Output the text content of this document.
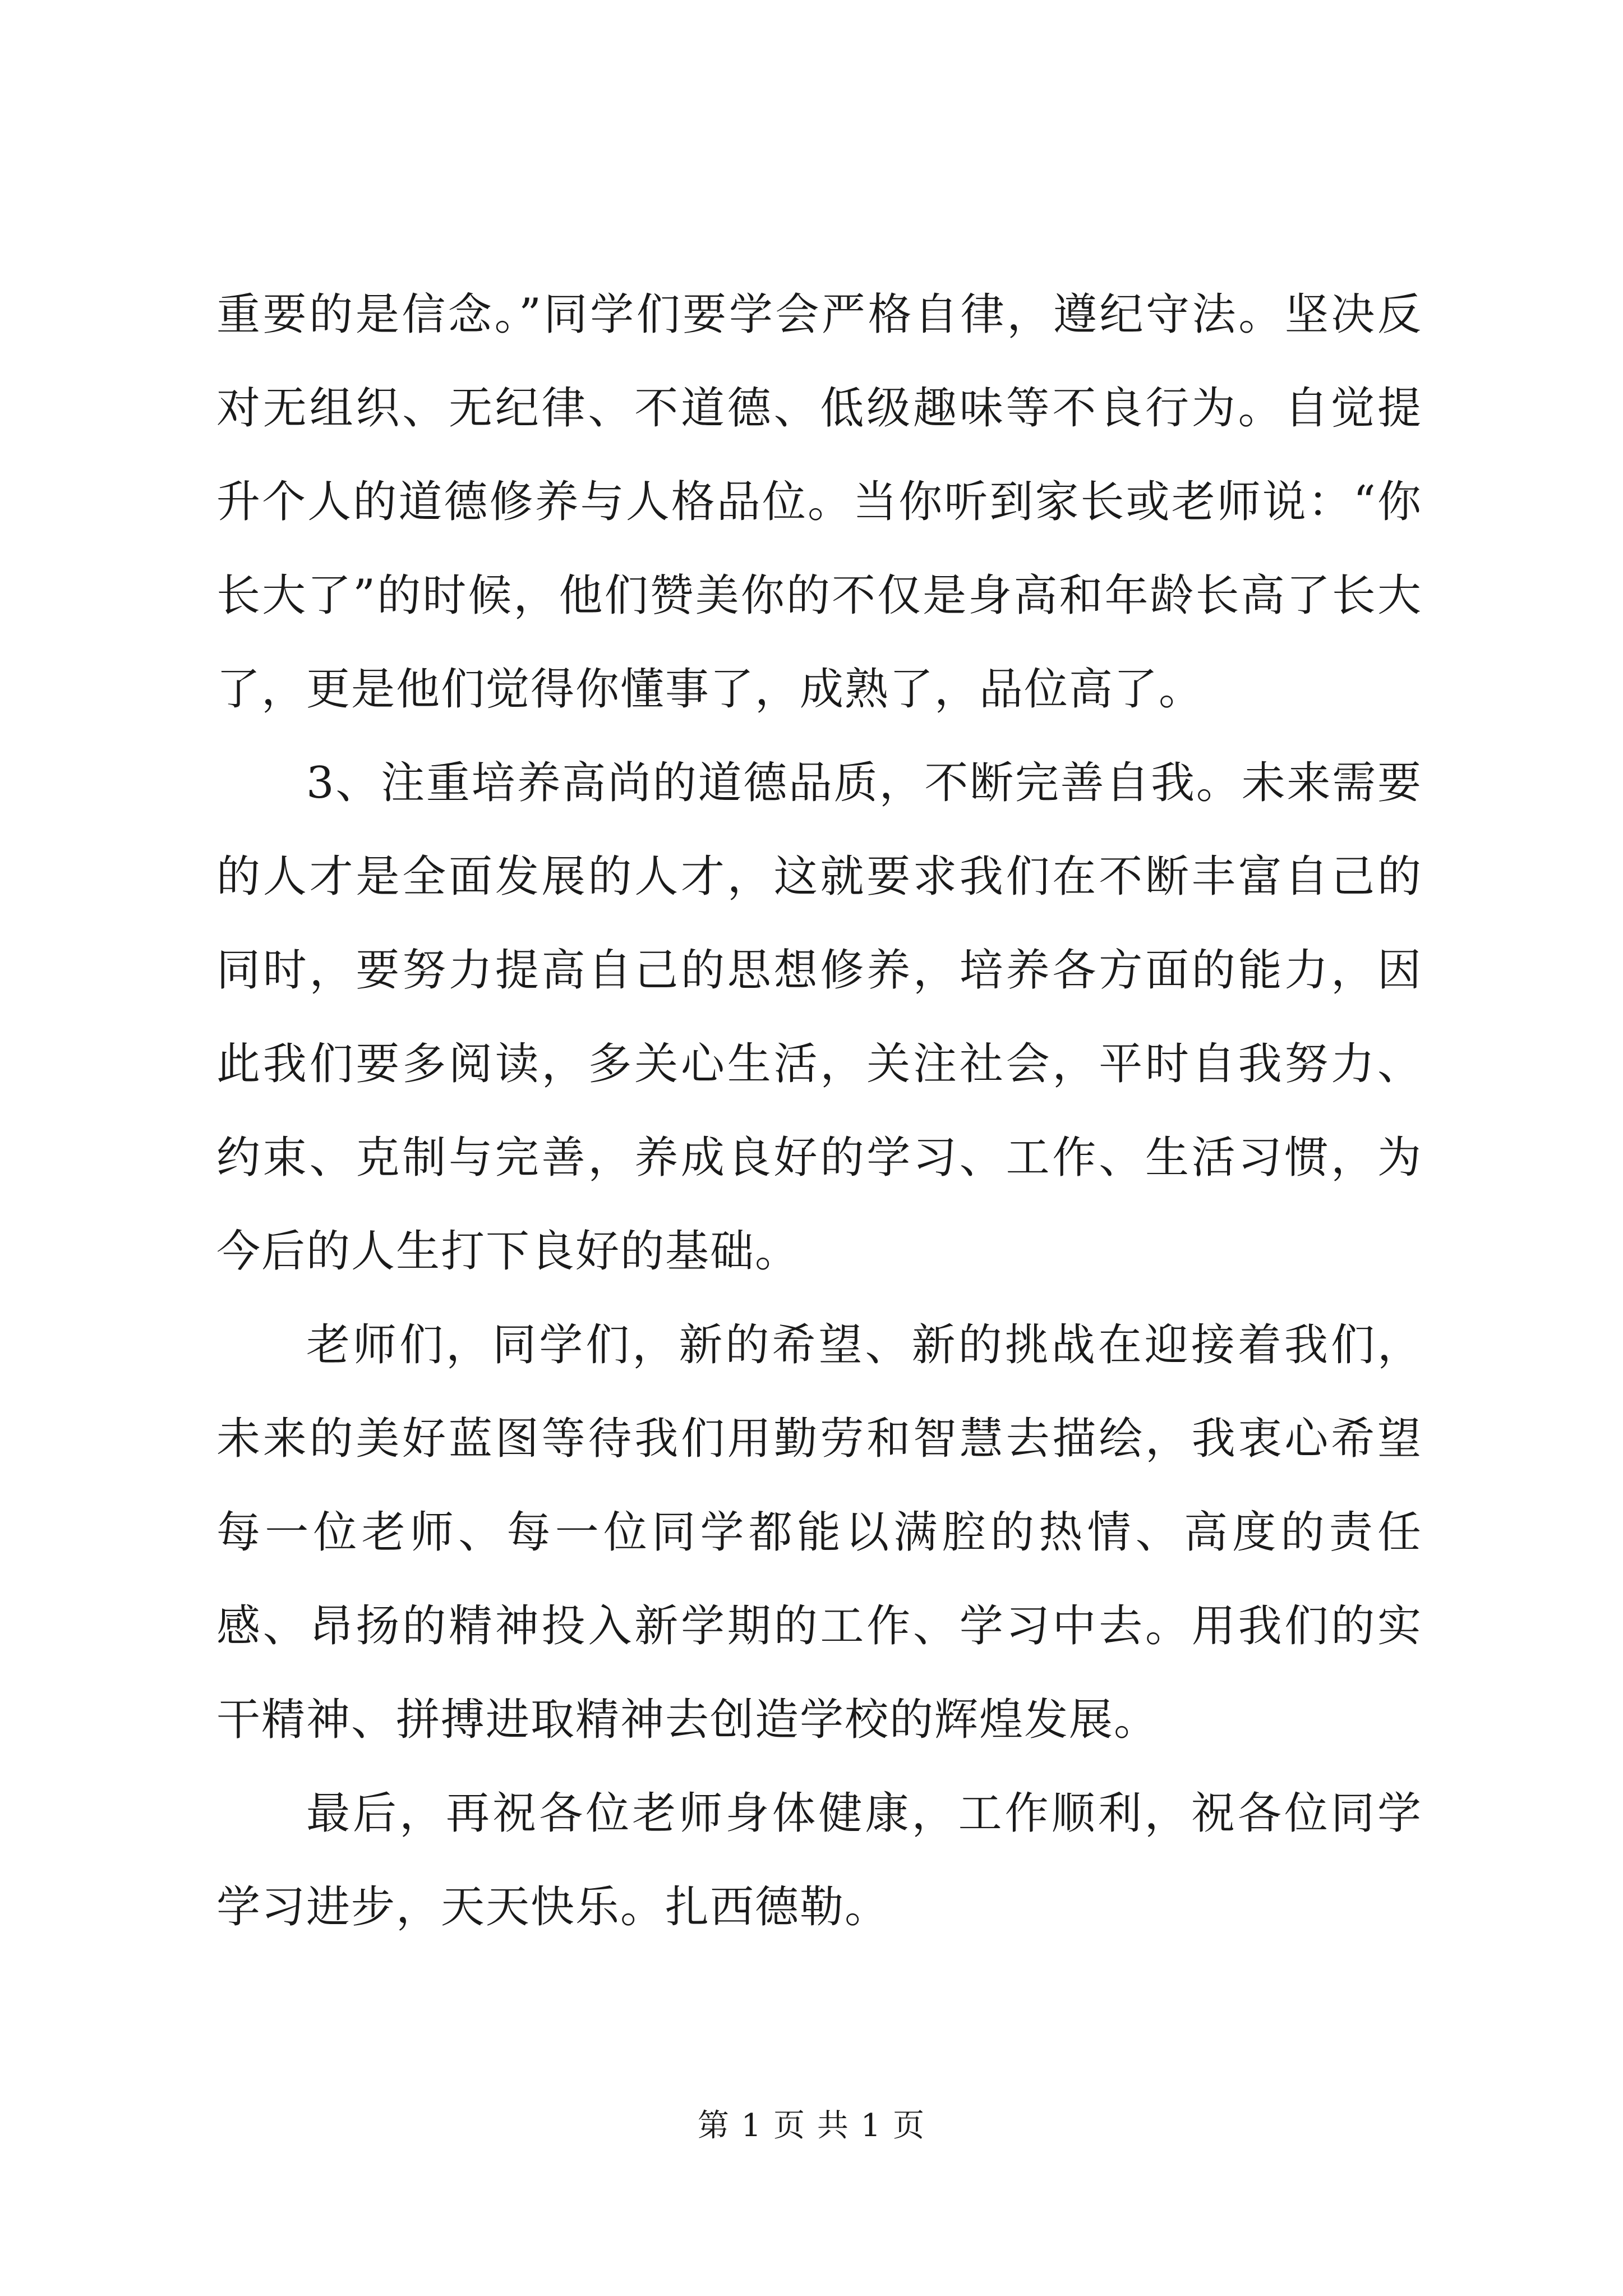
重要的是信念。”同学们要学会严格自律，遵纪守法。坚决反对无组织、无纪律、不道德、低级趣味等不良行为。自觉提升个人的道德修养与人格品位。当你听到家长或老师说：“你长大了”的时候，他们赞美你的不仅是身高和年龄长高了长大了，更是他们觉得你懂事了，成熟了，品位高了。

3、注重培养高尚的道德品质，不断完善自我。未来需要的人才是全面发展的人才，这就要求我们在不断丰富自己的同时，要努力提高自己的思想修养，培养各方面的能力，因此我们要多阅读，多关心生活，关注社会，平时自我努力、约束、克制与完善，养成良好的学习、工作、生活习惯，为今后的人生打下良好的基础。

老师们，同学们，新的希望、新的挑战在迎接着我们，未来的美好蓝图等待我们用勤劳和智慧去描绘，我衷心希望每一位老师、每一位同学都能以满腔的热情、高度的责任感、昂扬的精神投入新学期的工作、学习中去。用我们的实干精神、拼搏进取精神去创造学校的辉煌发展。

最后，再祝各位老师身体健康，工作顺利，祝各位同学学习进步，天天快乐。扎西德勒。

第 1 页 共 1 页
